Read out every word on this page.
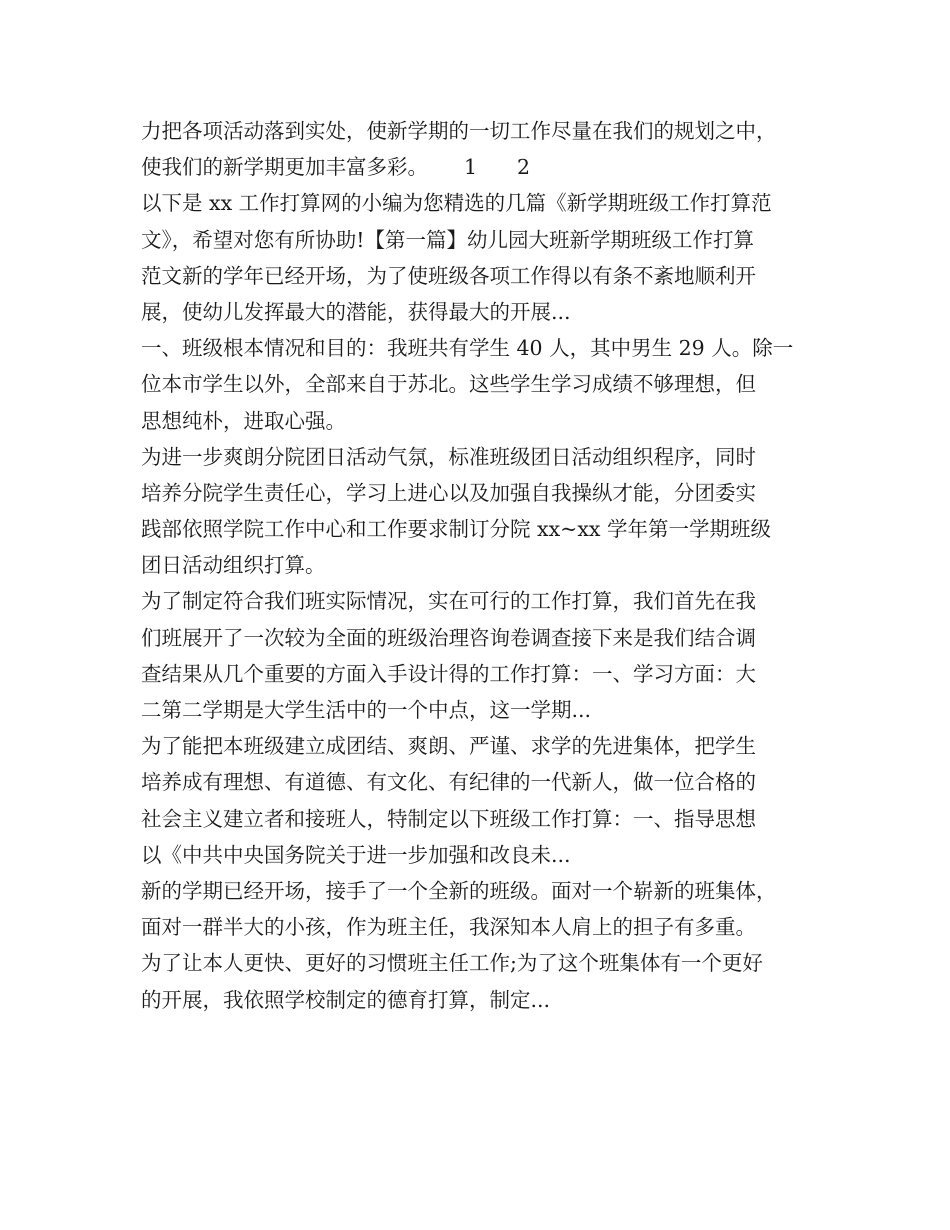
力把各项活动落到实处，使新学期的一切工作尽量在我们的规划之中，
使我们的新学期更加丰富多彩。 1 2
以下是 xx 工作打算网的小编为您精选的几篇《新学期班级工作打算范
文》，希望对您有所协助!【第一篇】幼儿园大班新学期班级工作打算
范文新的学年已经开场，为了使班级各项工作得以有条不紊地顺利开
展，使幼儿发挥最大的潜能，获得最大的开展...
一、班级根本情况和目的：我班共有学生 40 人，其中男生 29 人。除一
位本市学生以外，全部来自于苏北。这些学生学习成绩不够理想，但
思想纯朴，进取心强。
为进一步爽朗分院团日活动气氛，标准班级团日活动组织程序，同时
培养分院学生责任心，学习上进心以及加强自我操纵才能，分团委实
践部依照学院工作中心和工作要求制订分院 xx~xx 学年第一学期班级
团日活动组织打算。
为了制定符合我们班实际情况，实在可行的工作打算，我们首先在我
们班展开了一次较为全面的班级治理咨询卷调查接下来是我们结合调
查结果从几个重要的方面入手设计得的工作打算：一、学习方面：大
二第二学期是大学生活中的一个中点，这一学期...
为了能把本班级建立成团结、爽朗、严谨、求学的先进集体，把学生
培养成有理想、有道德、有文化、有纪律的一代新人，做一位合格的
社会主义建立者和接班人，特制定以下班级工作打算：一、指导思想
以《中共中央国务院关于进一步加强和改良未...
新的学期已经开场，接手了一个全新的班级。面对一个崭新的班集体，
面对一群半大的小孩，作为班主任，我深知本人肩上的担子有多重。
为了让本人更快、更好的习惯班主任工作;为了这个班集体有一个更好
的开展，我依照学校制定的德育打算，制定...
